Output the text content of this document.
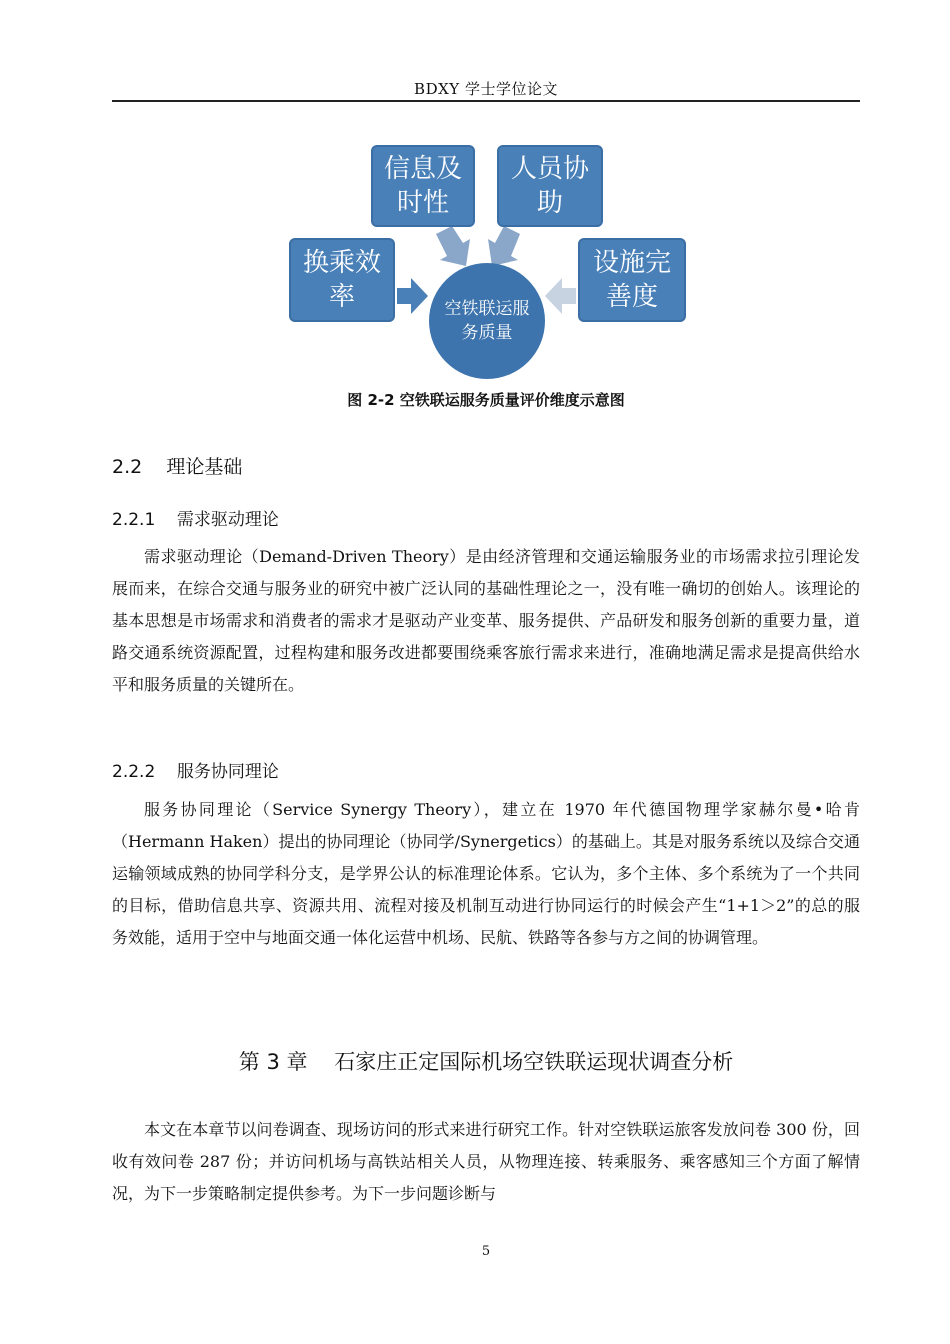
BDXY 学士学位论文
信息及时性
人员协助
换乘效率
设施完善度
空铁联运服务质量
图 2-2 空铁联运服务质量评价维度示意图
2.2 理论基础
2.2.1 需求驱动理论

需求驱动理论（Demand-Driven Theory）是由经济管理和交通运输服务业的市场需求拉引理论发展而来，在综合交通与服务业的研究中被广泛认同的基础性理论之一，没有唯一确切的创始人。该理论的基本思想是市场需求和消费者的需求才是驱动产业变革、服务提供、产品研发和服务创新的重要力量，道路交通系统资源配置，过程构建和服务改进都要围绕乘客旅行需求来进行，准确地满足需求是提高供给水平和服务质量的关键所在。

2.2.2 服务协同理论

服务协同理论（Service Synergy Theory），建立在 1970 年代德国物理学家赫尔曼•哈肯（Hermann Haken）提出的协同理论（协同学/Synergetics）的基础上。其是对服务系统以及综合交通运输领域成熟的协同学科分支，是学界公认的标准理论体系。它认为，多个主体、多个系统为了一个共同的目标，借助信息共享、资源共用、流程对接及机制互动进行协同运行的时候会产生“1+1＞2”的总的服务效能，适用于空中与地面交通一体化运营中机场、民航、铁路等各参与方之间的协调管理。

第 3 章 石家庄正定国际机场空铁联运现状调查分析

本文在本章节以问卷调查、现场访问的形式来进行研究工作。针对空铁联运旅客发放问卷 300 份，回收有效问卷 287 份；并访问机场与高铁站相关人员，从物理连接、转乘服务、乘客感知三个方面了解情况，为下一步策略制定提供参考。为下一步问题诊断与

5
